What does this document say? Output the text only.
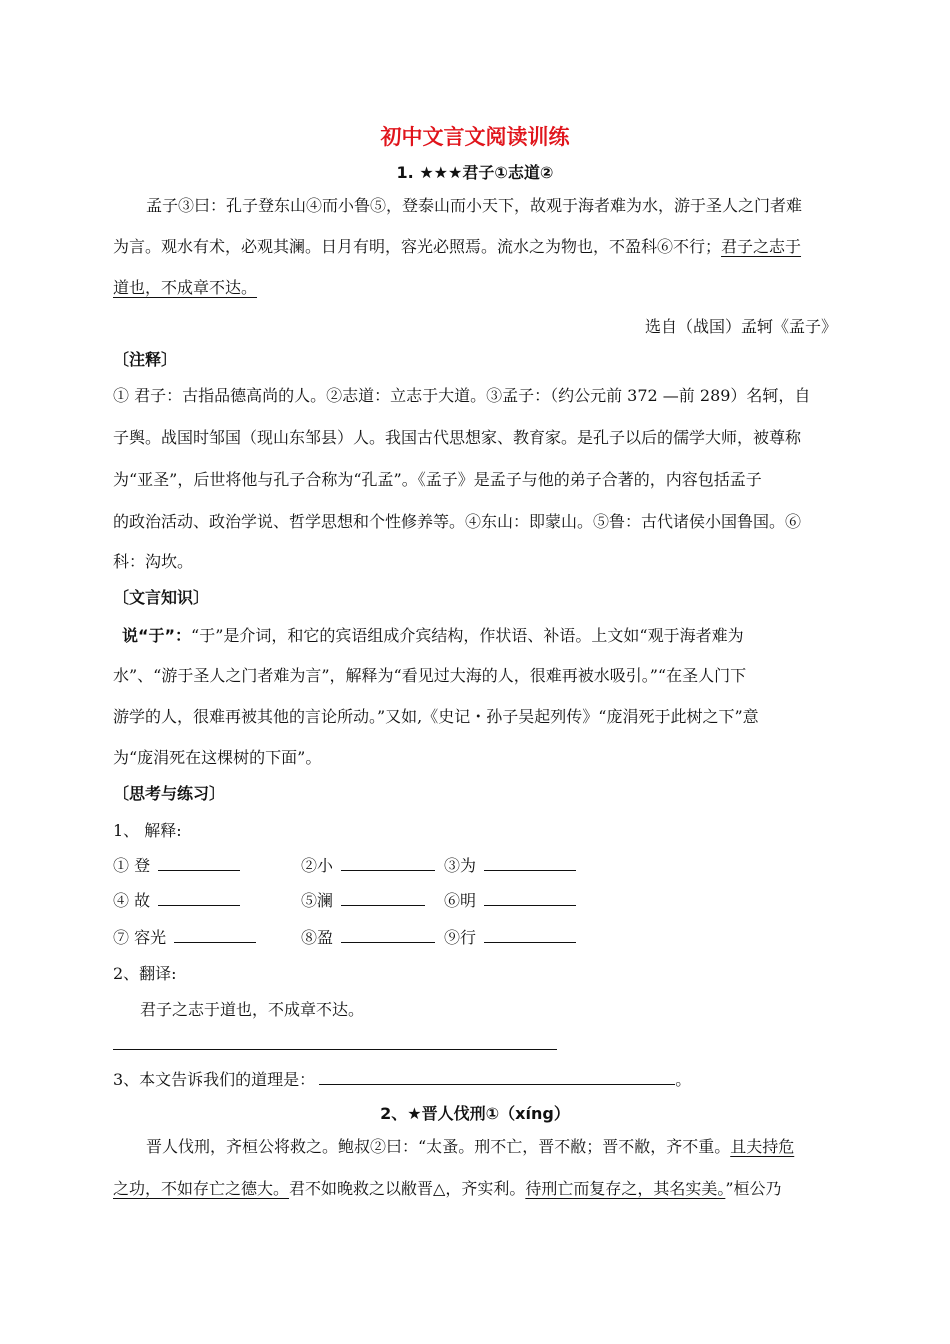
初中文言文阅读训练
1. ★★★君子①志道②
孟子③曰：孔子登东山④而小鲁⑤，登泰山而小天下，故观于海者难为水，游于圣人之门者难
为言。观水有术，必观其澜。日月有明，容光必照焉。流水之为物也，不盈科⑥不行；君子之志于
道也，不成章不达。
选自（战国）孟轲《孟子》
〔注释〕
① 君子：古指品德高尚的人。②志道：立志于大道。③孟子：（约公元前 372 —前 289）名轲，自
子舆。战国时邹国（现山东邹县）人。我国古代思想家、教育家。是孔子以后的儒学大师，被尊称
为“亚圣”，后世将他与孔子合称为“孔孟”。《孟子》是孟子与他的弟子合著的，内容包括孟子
的政治活动、政治学说、哲学思想和个性修养等。④东山：即蒙山。⑤鲁：古代诸侯小国鲁国。⑥
科：沟坎。
〔文言知识〕
说“于”：“于”是介词，和它的宾语组成介宾结构，作状语、补语。上文如“观于海者难为
水”、“游于圣人之门者难为言”，解释为“看见过大海的人，很难再被水吸引。”“在圣人门下
游学的人，很难再被其他的言论所动。”又如,《史记・孙子吴起列传》“庞涓死于此树之下”意
为“庞涓死在这棵树的下面”。
〔思考与练习〕
1、 解释:
① 登	②小	③为
④ 故	⑤澜	⑥明
⑦ 容光	⑧盈	⑨行
2、翻译:
君子之志于道也，不成章不达。
3、本文告诉我们的道理是：	。
2、★晋人伐刑①（xíng）
晋人伐刑，齐桓公将救之。鲍叔②曰：“太蚤。刑不亡，晋不敝；晋不敝，齐不重。且夫持危
之功，不如存亡之德大。君不如晚救之以敝晋△，齐实利。待刑亡而复存之，其名实美。”桓公乃
